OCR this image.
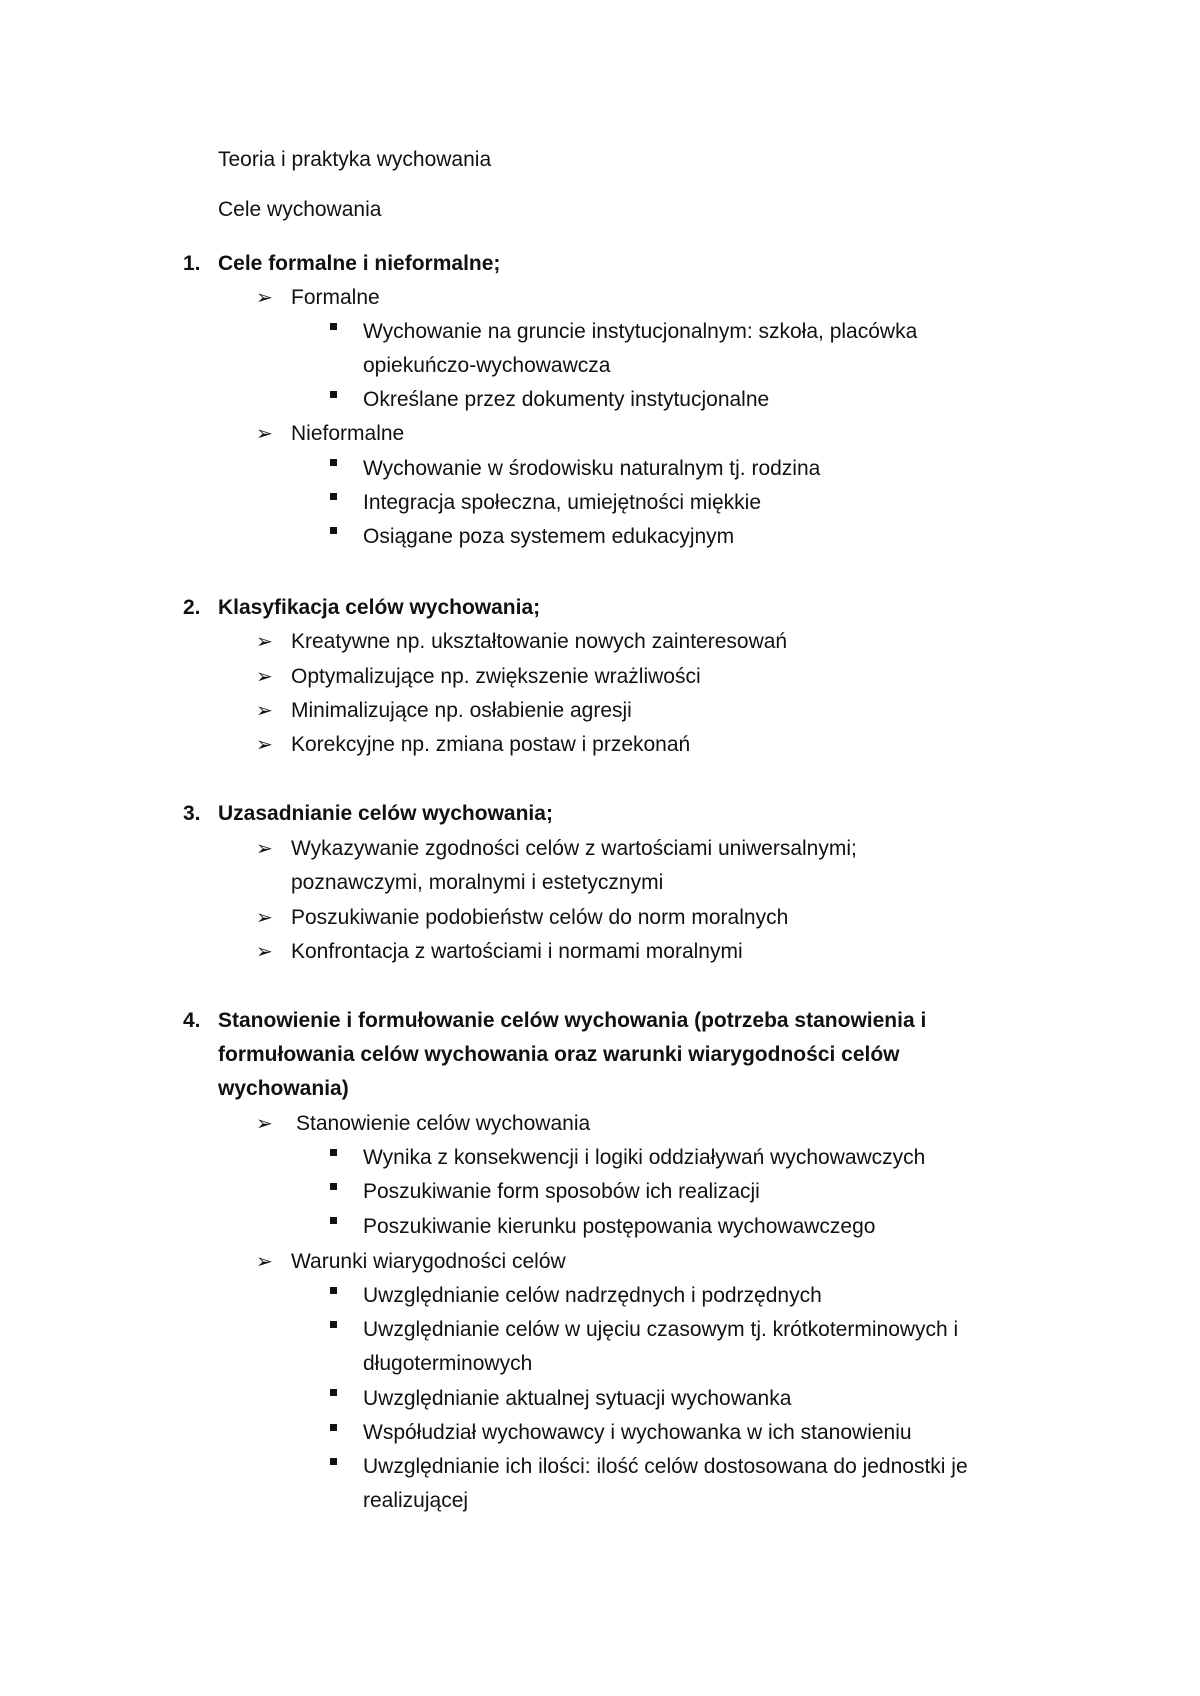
Teoria i praktyka wychowania
Cele wychowania
1. Cele formalne i nieformalne;
➢ Formalne
Wychowanie na gruncie instytucjonalnym: szkoła, placówka
opiekuńczo-wychowawcza
Określane przez dokumenty instytucjonalne
➢ Nieformalne
Wychowanie w środowisku naturalnym tj. rodzina
Integracja społeczna, umiejętności miękkie
Osiągane poza systemem edukacyjnym
2. Klasyfikacja celów wychowania;
➢ Kreatywne np. ukształtowanie nowych zainteresowań
➢ Optymalizujące np. zwiększenie wrażliwości
➢ Minimalizujące np. osłabienie agresji
➢ Korekcyjne np. zmiana postaw i przekonań
3. Uzasadnianie celów wychowania;
➢ Wykazywanie zgodności celów z wartościami uniwersalnymi;
poznawczymi, moralnymi i estetycznymi
➢ Poszukiwanie podobieństw celów do norm moralnych
➢ Konfrontacja z wartościami i normami moralnymi
4. Stanowienie i formułowanie celów wychowania (potrzeba stanowienia i
formułowania celów wychowania oraz warunki wiarygodności celów
wychowania)
➢ Stanowienie celów wychowania
Wynika z konsekwencji i logiki oddziaływań wychowawczych
Poszukiwanie form sposobów ich realizacji
Poszukiwanie kierunku postępowania wychowawczego
➢ Warunki wiarygodności celów
Uwzględnianie celów nadrzędnych i podrzędnych
Uwzględnianie celów w ujęciu czasowym tj. krótkoterminowych i
długoterminowych
Uwzględnianie aktualnej sytuacji wychowanka
Współudział wychowawcy i wychowanka w ich stanowieniu
Uwzględnianie ich ilości: ilość celów dostosowana do jednostki je
realizującej
